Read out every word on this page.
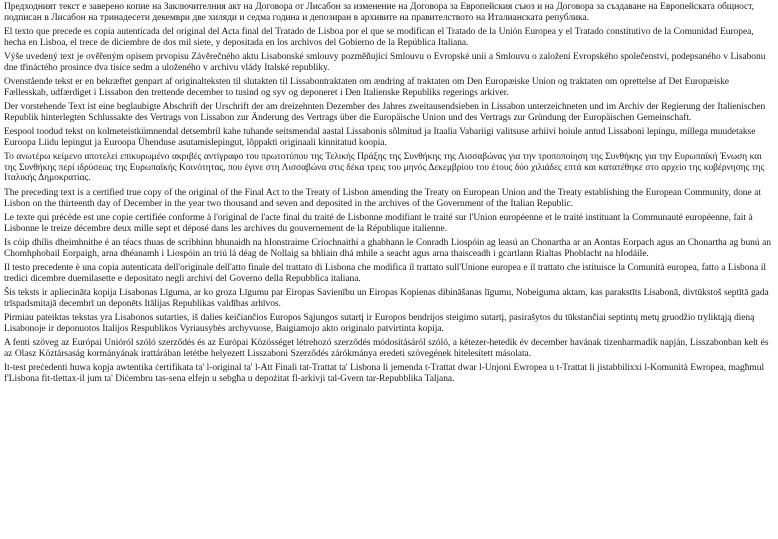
Предходният текст е заверено копие на Заключителния акт на Договора от Лисабон за изменение на Договора за Европейския съюз и на Договора за създаване на Европейската общност, подписан в Лисабон на тринадесети декември две хиляди и седма година и депозиран в архивите на правителството на Италианската република.

El texto que precede es copia autenticada del original del Acta final del Tratado de Lisboa por el que se modifican el Tratado de la Unión Europea y el Tratado constitutivo de la Comunidad Europea, hecha en Lisboa, el trece de diciembre de dos mil siete, y depositada en los archivos del Gobierno de la República Italiana.

Výše uvedený text je ověřeným opisem prvopisu Závěrečného aktu Lisabonské smlouvy pozměňující Smlouvu o Evropské unii a Smlouvu o založení Evropského společenství, podepsaného v Lisabonu dne třináctého prosince dva tisíce sedm a uloženého v archivu vlády Italské republiky.

Ovenstående tekst er en bekræftet genpart af originalteksten til slutakten til Lissabontraktaten om ændring af traktaten om Den Europæiske Union og traktaten om oprettelse af Det Europæiske Fællesskab, udfærdiget i Lissabon den trettende december to tusind og syv og deponeret i Den Italienske Republiks regerings arkiver.

Der vorstehende Text ist eine beglaubigte Abschrift der Urschrift der am dreizehnten Dezember des Jahres zweitausendsieben in Lissabon unterzeichneten und im Archiv der Regierung der Italienischen Republik hinterlegten Schlussakte des Vertrags von Lissabon zur Änderung des Vertrags über die Europäische Union und des Vertrags zur Gründung der Europäischen Gemeinschaft.

Eespool toodud tekst on kolmeteistkümnendal detsembril kahe tuhande seitsmendal aastal Lissabonis sõlmitud ja Itaalia Vabariigi valitsuse arhiivi hoiule antud Lissaboni lepingu, millega muudetakse Euroopa Liidu lepingut ja Euroopa Ühenduse asutamislepingut, lõppakti originaali kinnitatud koopia.

Το ανωτέρω κείμενο αποτελεί επικυρωμένο ακριβές αντίγραφο του πρωτοτύπου της Τελικής Πράξης της Συνθήκης της Λισσαβώνας για την τροποποίηση της Συνθήκης για την Ευρωπαϊκή Ένωση και της Συνθήκης περί ιδρύσεως της Ευρωπαϊκής Κοινότητας, που έγινε στη Λισσαβώνα στις δέκα τρεις του μηνός Δεκεμβρίου του έτους δύο χιλιάδες επτά και κατατέθηκε στο αρχείο της κυβέρνησης της Ιταλικής Δημοκρατίας.

The preceding text is a certified true copy of the original of the Final Act to the Treaty of Lisbon amending the Treaty on European Union and the Treaty establishing the European Community, done at Lisbon on the thirteenth day of December in the year two thousand and seven and deposited in the archives of the Government of the Italian Republic.

Le texte qui précède est une copie certifiée conforme à l'original de l'acte final du traité de Lisbonne modifiant le traité sur l'Union européenne et le traité instituant la Communauté européenne, fait à Lisbonne le treize décembre deux mille sept et déposé dans les archives du gouvernement de la République italienne.

Is cóip dhílis dheimhnithe é an téacs thuas de scríbhinn bhunaidh na hIonstraime Críochnaithí a ghabhann le Conradh Liospóin ag leasú an Chonartha ar an Aontas Eorpach agus an Chonartha ag bunú an Chomhphobail Eorpaigh, arna dhéanamh i Liospóin an tríú lá déag de Nollaig sa bhliain dhá mhíle a seacht agus arna thaisceadh i gcartlann Rialtas Phoblacht na hIodáile.

Il testo precedente è una copia autenticata dell'originale dell'atto finale del trattato di Lisbona che modifica il trattato sull'Unione europea e il trattato che istituisce la Comunità europea, fatto a Lisbona il tredici dicembre duemilasette e depositato negli archivi del Governo della Repubblica italiana.

Šis teksts ir apliecināta kopija Lisabonas Līguma, ar ko groza Līgumu par Eiropas Savienību un Eiropas Kopienas dibināšanas līgumu, Nobeiguma aktam, kas parakstīts Lisabonā, divtūkstoš septītā gada trīspadsmitajā decembrī un deponēts Itālijas Republikas valdības arhīvos.

Pirmiau pateiktas tekstas yra Lisabonos sutarties, iš dalies keičiančios Europos Sąjungos sutartį ir Europos bendrijos steigimo sutartį, pasirašytos du tūkstančiai septintų metų gruodžio tryliktąją dieną Lisabonoje ir deponuotos Italijos Respublikos Vyriausybės archyvuose, Baigiamojo akto originalo patvirtinta kopija.

A fenti szöveg az Európai Unióról szóló szerződés és az Európai Közösséget létrehozó szerződés módosításáról szóló, a kétezer-hetedik év december havának tizenharmadik napján, Lisszabonban kelt és az Olasz Köztársaság kormányának irattárában letétbe helyezett Lisszaboni Szerződés zárókmánya eredeti szövegének hitelesített másolata.

It-test preċedenti huwa kopja awtentika ċertifikata ta' l-original ta' l-Att Finali tat-Trattat ta' Lisbona li jemenda t-Trattat dwar l-Unjoni Ewropea u t-Trattat li jistabbilixxi l-Komunità Ewropea, magħmul f'Lisbona fit-tlettax-il jum ta' Diċembru tas-sena elfejn u sebgħa u depożitat fl-arkivji tal-Gvern tar-Repubblika Taljana.
